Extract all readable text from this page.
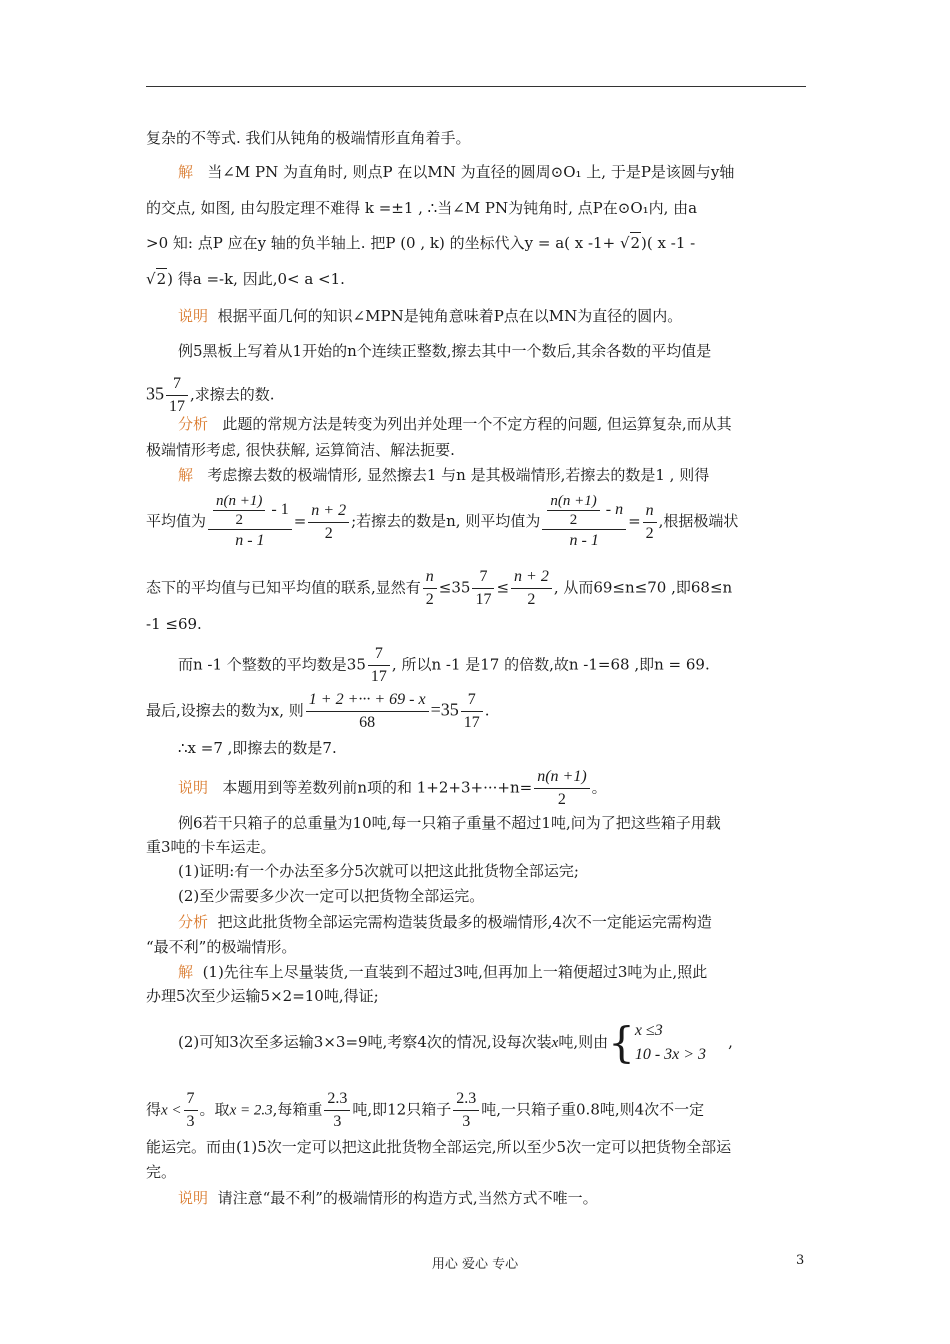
复杂的不等式. 我们从钝角的极端情形直角着手。
解 当∠M PN 为直角时, 则点P 在以MN 为直径的圆周⊙O₁ 上, 于是P是该圆与y轴
的交点, 如图, 由勾股定理不难得 k =±1 , ∴当∠M PN为钝角时, 点P在⊙O₁内, 由a
>0 知: 点P 应在y 轴的负半轴上. 把P (0 , k) 的坐标代入y = a( x -1+ √2)( x -1 -
√2) 得a =-k, 因此,0< a <1.
说明 根据平面几何的知识∠MPN是钝角意味着P点在以MN为直径的圆内。
例5黑板上写着从1开始的n个连续正整数,擦去其中一个数后,其余各数的平均值是
$35 \frac{7}{17}$ ,求擦去的数.
分析 此题的常规方法是转变为列出并处理一个不定方程的问题, 但运算复杂,而从其
极端情形考虑, 很快获解, 运算简洁、解法扼要.
解 考虑擦去数的极端情形, 显然擦去1 与n 是其极端情形,若擦去的数是1 , 则得
平均值为 $\frac{\frac{n(n +1)}{2} - 1}{n - 1} = \frac{n + 2}{2}$ ;若擦去的数是n, 则平均值为 $\frac{\frac{n(n +1)}{2} - n}{n - 1} = \frac{n}{2}$ ,根据极端状
态下的平均值与已知平均值的联系,显然有 $\frac{n}{2} \le 35 \frac{7}{17} \le \frac{n + 2}{2}$ , 从而69≤n≤70 ,即68≤n
-1 ≤69.
而n -1 个整数的平均数是$35 \frac{7}{17}$ , 所以n -1 是17 的倍数,故n -1=68 ,即n = 69.
最后,设擦去的数为x, 则 $\frac{1 + 2 +\cdot\cdot\cdot + 69 - x}{68} =35 \frac{7}{17}$ .
∴x =7 ,即擦去的数是7.
说明 本题用到等差数列前n项的和 $1+2+3+\cdot\cdot\cdot+n= \frac{n(n +1)}{2}$ 。
例6若干只箱子的总重量为10吨,每一只箱子重量不超过1吨,问为了把这些箱子用载
重3吨的卡车运走。
(1)证明:有一个办法至多分5次就可以把这此批货物全部运完;
(2)至少需要多少次一定可以把货物全部运完。
分析 把这此批货物全部运完需构造装货最多的极端情形,4次不一定能运完需构造
“最不利”的极端情形。
解 (1)先往车上尽量装货,一直装到不超过3吨,但再加上一箱便超过3吨为止,照此
办理5次至少运输5×2=10吨,得证;
(2)可知3次至多运输3×3=9吨,考察4次的情况,设每次装x吨,则由{ x ≤3
10 - 3x > 3
,
得$x < \frac{7}{3}$ 。取x = 2.3,每箱重 $\frac{2.3}{3}$ 吨,即12只箱子 $\frac{2.3}{3}$ 吨,一只箱子重0.8吨,则4次不一定
能运完。而由(1)5次一定可以把这此批货物全部运完,所以至少5次一定可以把货物全部运
完。
说明 请注意“最不利”的极端情形的构造方式,当然方式不唯一。
用心 爱心 专心	3
